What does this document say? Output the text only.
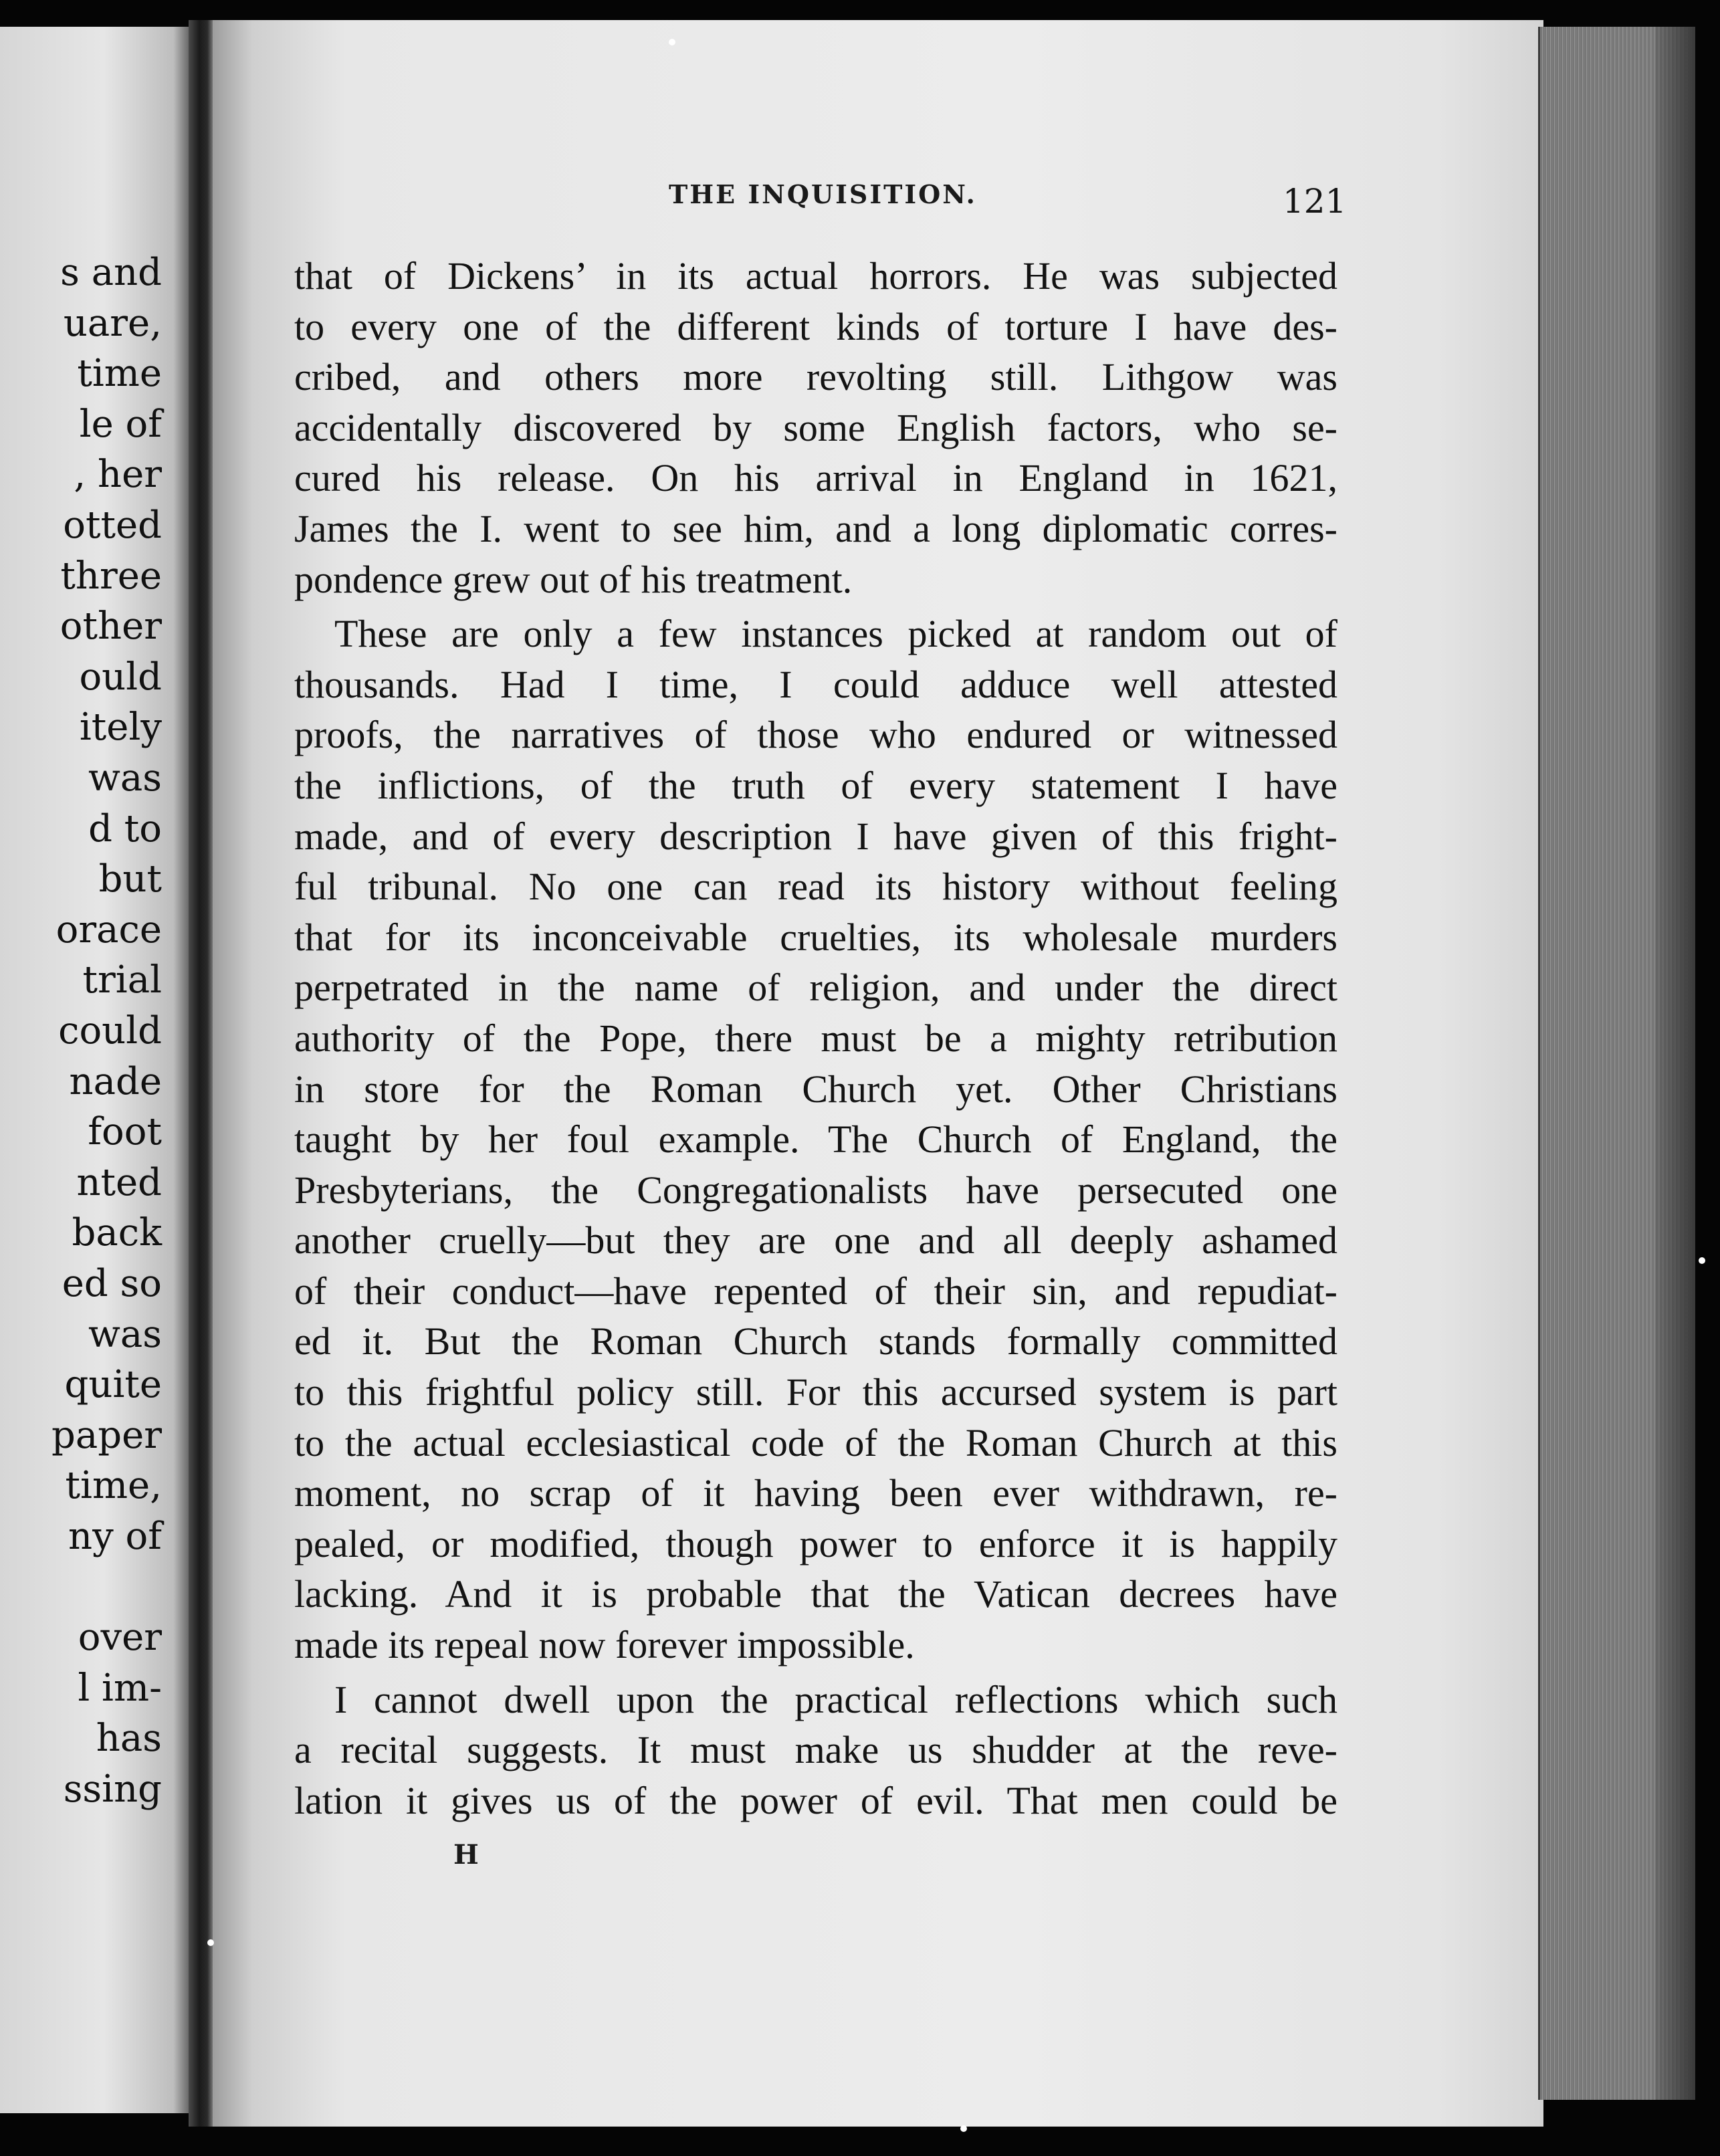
s and
uare,
time
le of
, her
otted
three
other
ould
itely
was
d to
but
orace
trial
could
nade
foot
nted
back
ed so
was
quite
paper
time,
ny of
over
l im-
has
ssing
THE INQUISITION.	121
that of Dickens’ in its actual horrors. He was subjected
to every one of the different kinds of torture I have des-
cribed, and others more revolting still. Lithgow was
accidentally discovered by some English factors, who se-
cured his release. On his arrival in England in 1621,
James the I. went to see him, and a long diplomatic corres-
pondence grew out of his treatment.
These are only a few instances picked at random out of
thousands. Had I time, I could adduce well attested
proofs, the narratives of those who endured or witnessed
the inflictions, of the truth of every statement I have
made, and of every description I have given of this fright-
ful tribunal. No one can read its history without feeling
that for its inconceivable cruelties, its wholesale murders
perpetrated in the name of religion, and under the direct
authority of the Pope, there must be a mighty retribution
in store for the Roman Church yet. Other Christians
taught by her foul example. The Church of England, the
Presbyterians, the Congregationalists have persecuted one
another cruelly—but they are one and all deeply ashamed
of their conduct—have repented of their sin, and repudiat-
ed it. But the Roman Church stands formally committed
to this frightful policy still. For this accursed system is part
to the actual ecclesiastical code of the Roman Church at this
moment, no scrap of it having been ever withdrawn, re-
pealed, or modified, though power to enforce it is happily
lacking. And it is probable that the Vatican decrees have
made its repeal now forever impossible.
I cannot dwell upon the practical reflections which such
a recital suggests. It must make us shudder at the reve-
lation it gives us of the power of evil. That men could be
H
